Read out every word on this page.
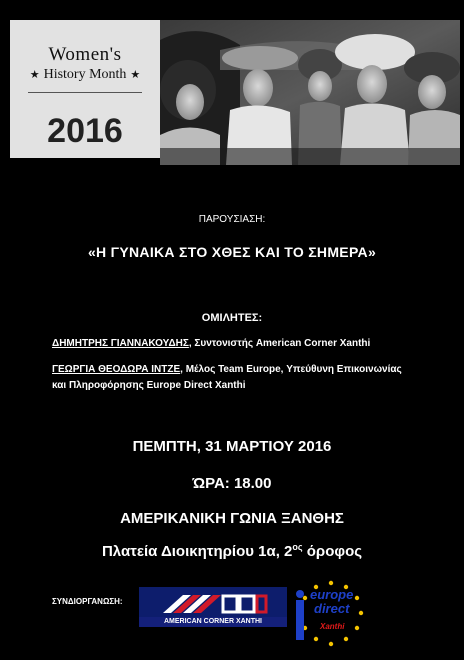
Women's
★ History Month ★
2016
ΠΑΡΟΥΣΙΑΣΗ:
«Η ΓΥΝΑΙΚΑ ΣΤΟ ΧΘΕΣ ΚΑΙ ΤΟ ΣΗΜΕΡΑ»
ΟΜΙΛΗΤΕΣ:
ΔΗΜΗΤΡΗΣ ΓΙΑΝΝΑΚΟΥΔΗΣ, Συντονιστής American Corner Xanthi
ΓΕΩΡΓΙΑ ΘΕΟΔΩΡΑ ΙΝΤΖΕ, Μέλος Team Europe, Υπεύθυνη Επικοινωνίας και Πληροφόρησης Europe Direct Xanthi
ΠΕΜΠΤΗ, 31 ΜΑΡΤΙΟΥ 2016
ΏΡΑ: 18.00
ΑΜΕΡΙΚΑΝΙΚΗ ΓΩΝΙΑ ΞΑΝΘΗΣ
Πλατεία Διοικητηρίου 1α, $2^{o\varsigma}$ όροφος
ΣΥΝΔΙΟΡΓΑΝΩΣΗ:
AMERICAN CORNER XANTHI
europe
direct
Xanthi
